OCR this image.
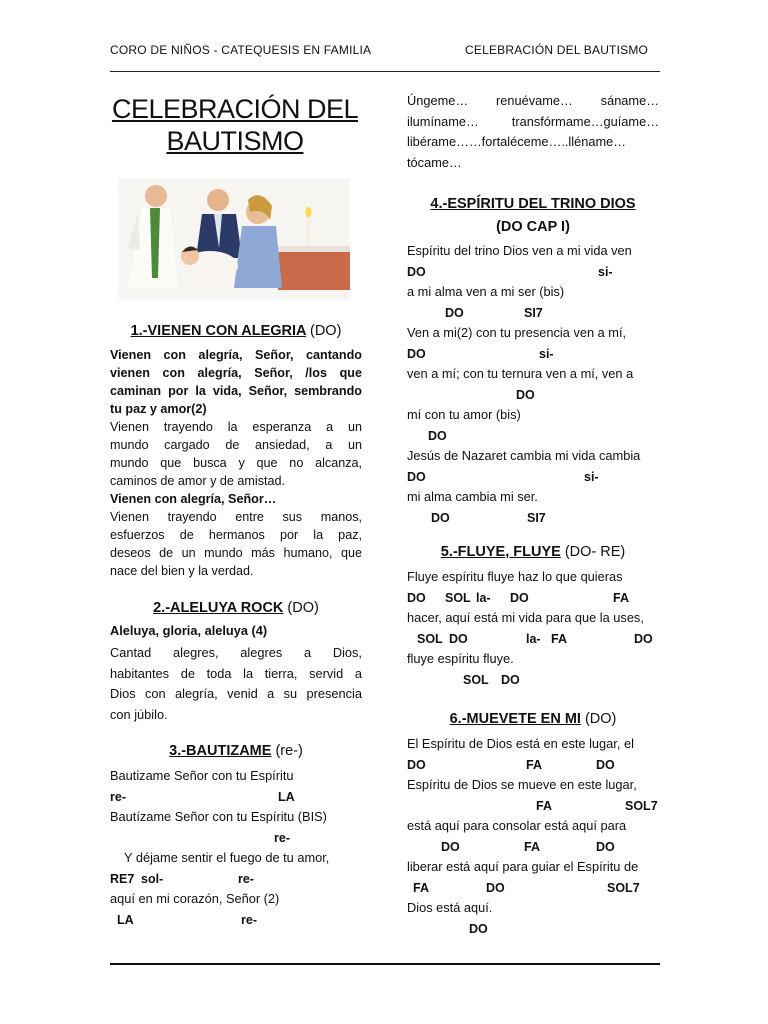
CORO DE NIÑOS - CATEQUESIS EN FAMILIA	CELEBRACIÓN DEL BAUTISMO
CELEBRACIÓN DEL
BAUTISMO
1.-VIENEN CON ALEGRIA (DO)
Vienen con alegría, Señor, cantando
vienen con alegría, Señor, /los que
caminan por la vida, Señor, sembrando
tu paz y amor(2)
Vienen trayendo la esperanza a un
mundo cargado de ansiedad, a un
mundo que busca y que no alcanza,
caminos de amor y de amistad.
Vienen con alegría, Señor…
Vienen trayendo entre sus manos,
esfuerzos de hermanos por la paz,
deseos de un mundo más humano, que
nace del bien y la verdad.
2.-ALELUYA ROCK (DO)
Aleluya, gloria, aleluya (4)
Cantad alegres, alegres a Dios,
habitantes de toda la tierra, servid a
Dios con alegría, venid a su presencia
con júbilo.
3.-BAUTIZAME (re-)
Bautizame Señor con tu Espíritu
re-	LA
Bautízame Señor con tu Espíritu (BIS)
re-
Y déjame sentir el fuego de tu amor,
RE7 sol-	re-
aquí en mi corazón, Señor (2)
LA	re-
Úngeme… renuévame… sáname…
ilumíname… transfórmame…guíame…
libérame……fortaléceme…..lléname…
tócame…
4.-ESPÍRITU DEL TRINO DIOS
(DO CAP I)
Espíritu del trino Dios ven a mi vida ven
DO	si-
a mi alma ven a mi ser (bis)
DO	SI7
Ven a mi(2) con tu presencia ven a mí,
DO	si-
ven a mí; con tu ternura ven a mí, ven a
DO
mí con tu amor (bis)
DO
Jesús de Nazaret cambia mi vida cambia
DO	si-
mi alma cambia mi ser.
DO	SI7
5.-FLUYE, FLUYE (DO- RE)
Fluye espíritu fluye haz lo que quieras
DO SOL la- DO	FA
hacer, aquí está mi vida para que la uses,
SOL DO	la- FA	DO
fluye espíritu fluye.
SOL DO
6.-MUEVETE EN MI (DO)
El Espíritu de Dios está en este lugar, el
DO	FA	DO
Espíritu de Dios se mueve en este lugar,
FA	SOL7
está aquí para consolar está aquí para
DO	FA	DO
liberar está aquí para guiar el Espíritu de
FA	DO	SOL7
Dios está aquí.
DO
